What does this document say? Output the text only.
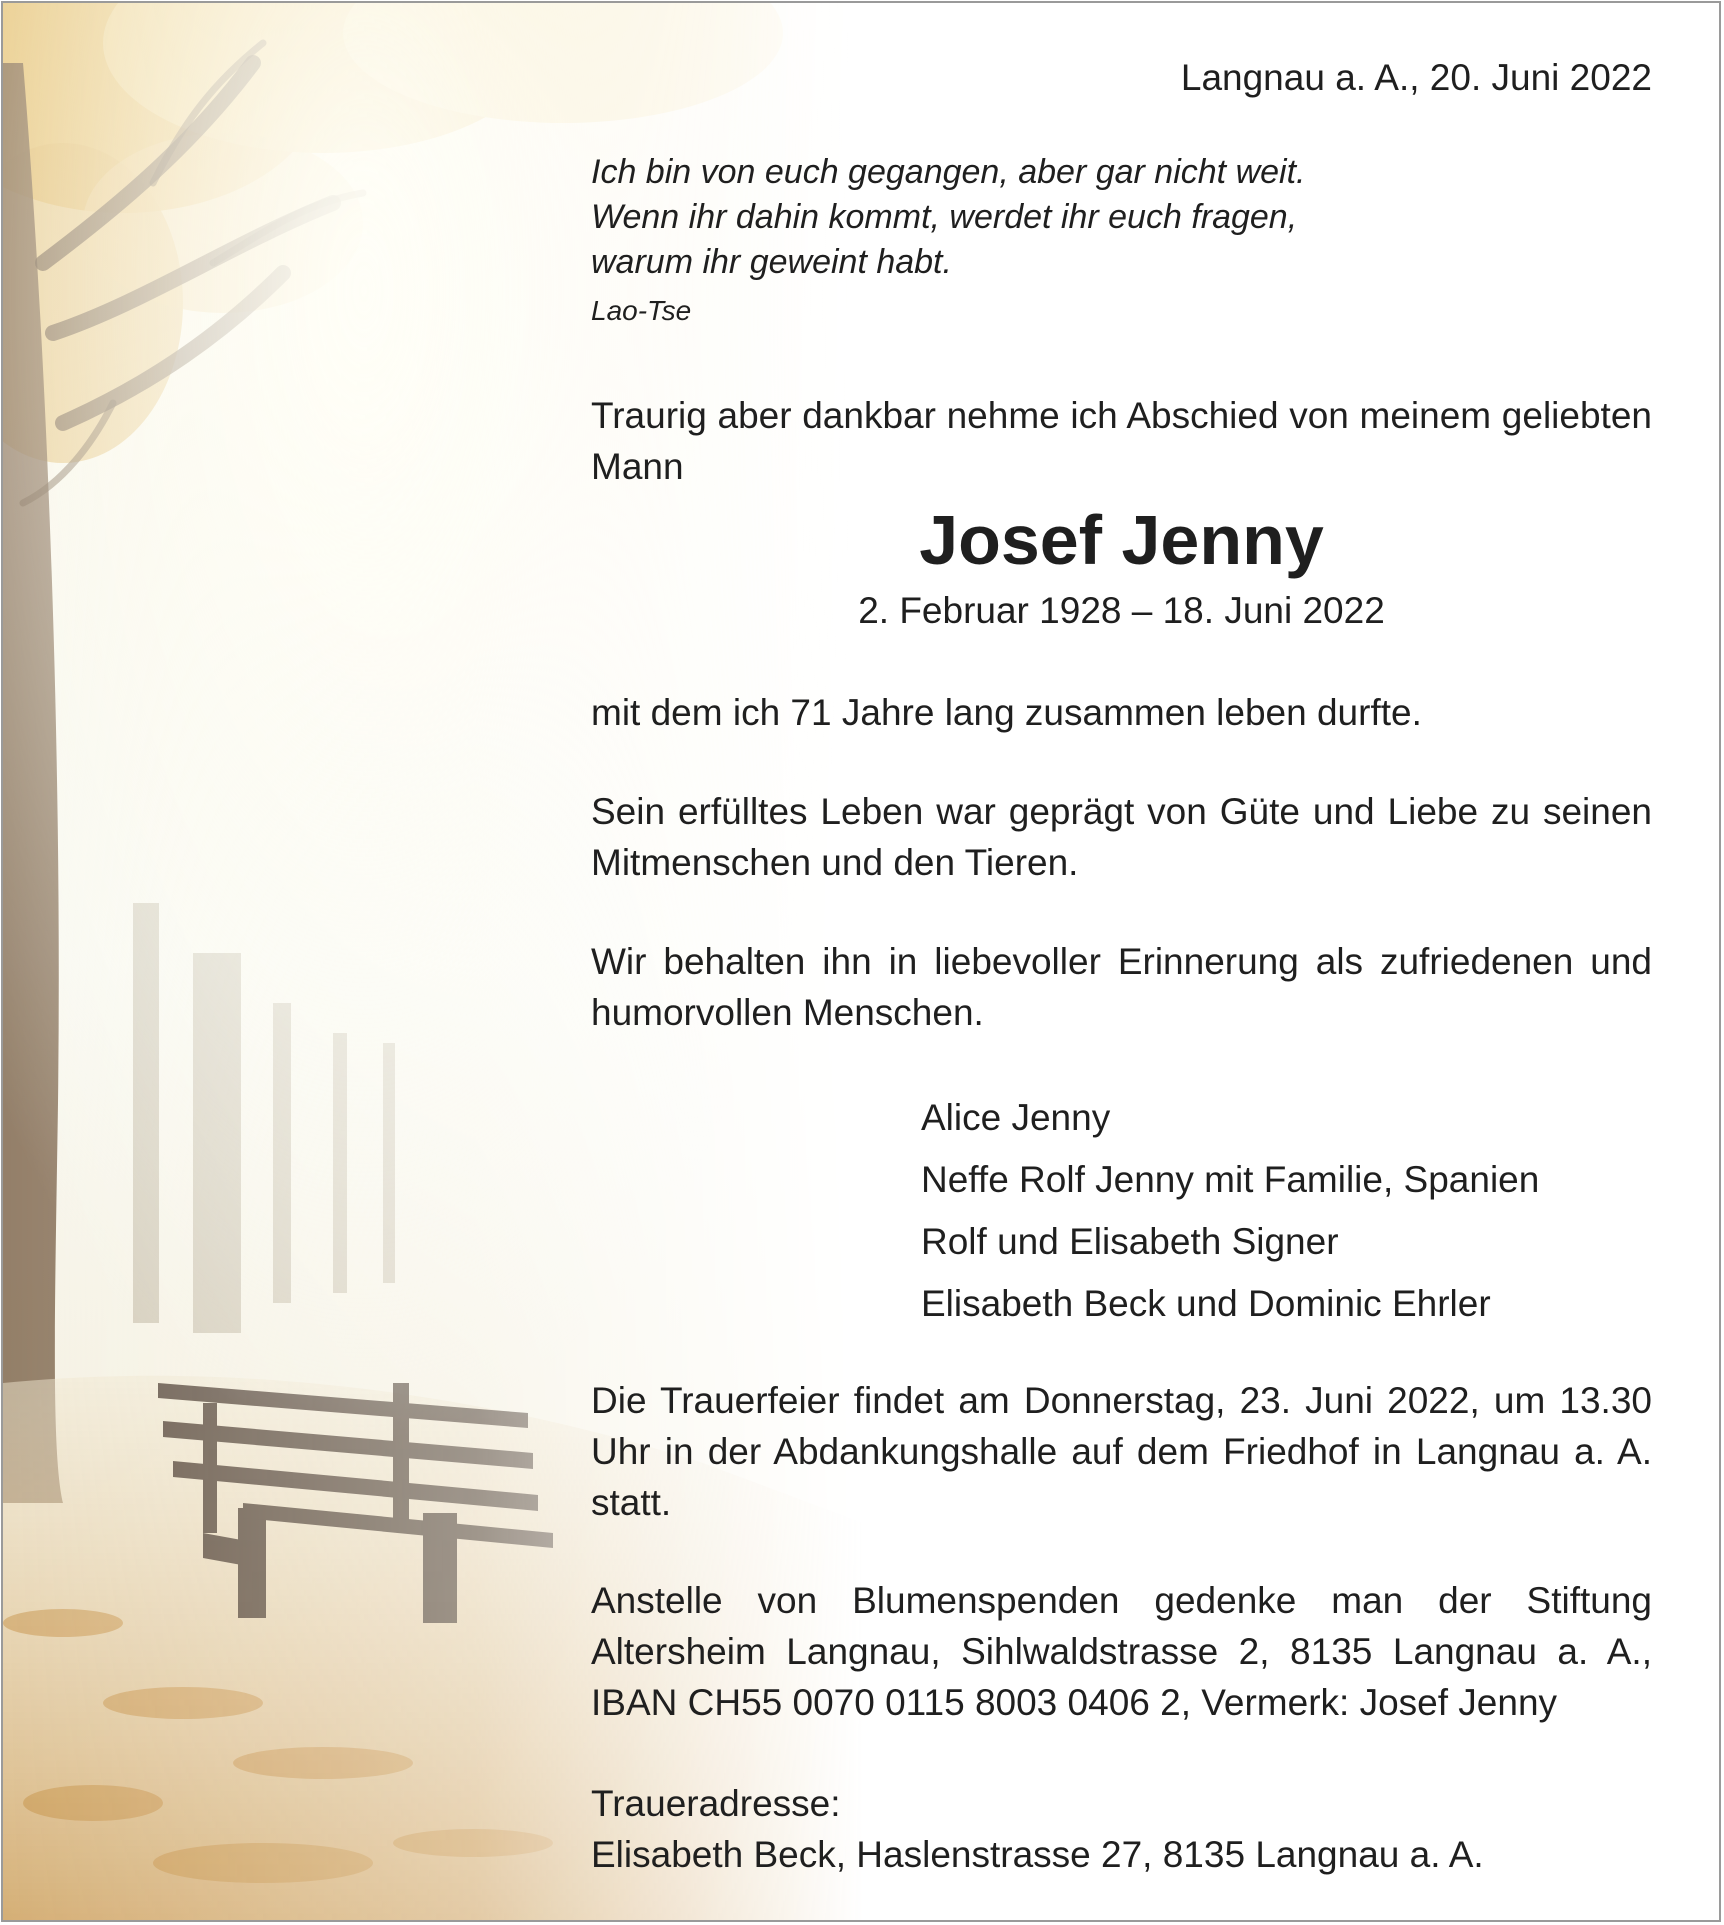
Langnau a. A., 20. Juni 2022
Ich bin von euch gegangen, aber gar nicht weit.
Wenn ihr dahin kommt, werdet ihr euch fragen,
warum ihr geweint habt.
Lao-Tse

Traurig aber dankbar nehme ich Abschied von meinem geliebten Mann

Josef Jenny
2. Februar 1928 – 18. Juni 2022

mit dem ich 71 Jahre lang zusammen leben durfte.

Sein erfülltes Leben war geprägt von Güte und Liebe zu seinen Mitmenschen und den Tieren.

Wir behalten ihn in liebevoller Erinnerung als zufriedenen und humorvollen Menschen.

Alice Jenny
Neffe Rolf Jenny mit Familie, Spanien
Rolf und Elisabeth Signer
Elisabeth Beck und Dominic Ehrler

Die Trauerfeier findet am Donnerstag, 23. Juni 2022, um 13.30 Uhr in der Abdankungshalle auf dem Friedhof in Langnau a. A. statt.

Anstelle von Blumenspenden gedenke man der Stiftung Altersheim Langnau, Sihlwaldstrasse 2, 8135 Langnau a. A., IBAN CH55 0070 0115 8003 0406 2, Vermerk: Josef Jenny

Traueradresse:

Elisabeth Beck, Haslenstrasse 27, 8135 Langnau a. A.
